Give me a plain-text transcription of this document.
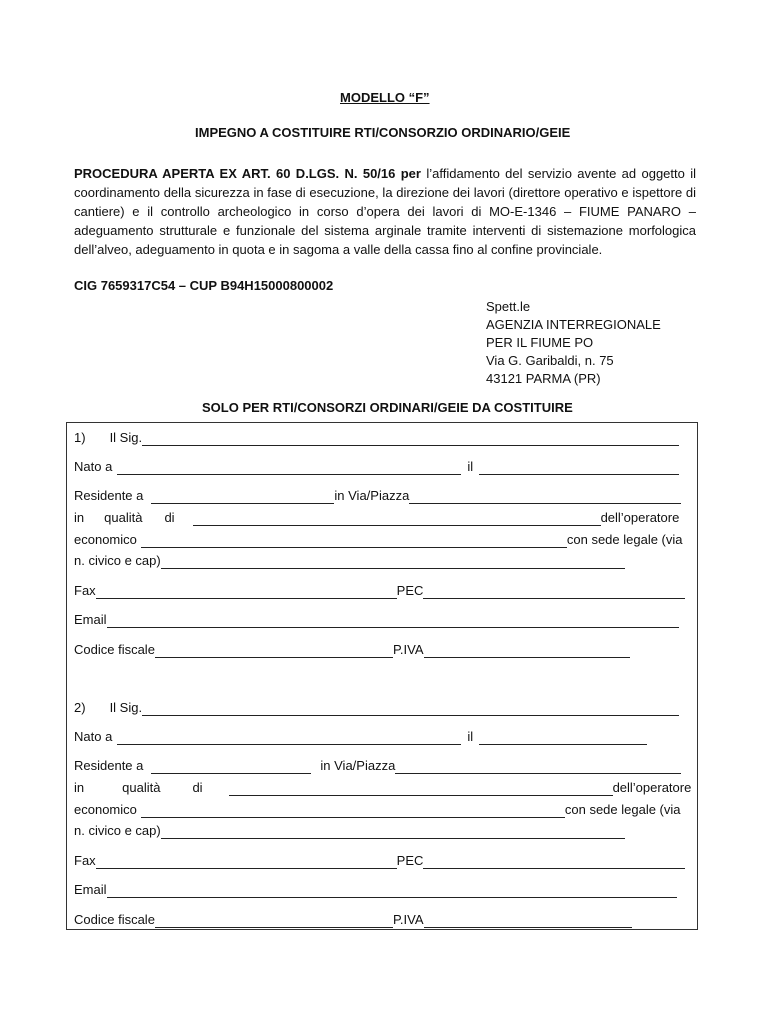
MODELLO “F”
IMPEGNO A COSTITUIRE RTI/CONSORZIO ORDINARIO/GEIE
PROCEDURA APERTA EX ART. 60 D.LGS. N. 50/16 per l’affidamento del servizio avente ad oggetto il coordinamento della sicurezza in fase di esecuzione, la direzione dei lavori (direttore operativo e ispettore di cantiere) e il controllo archeologico in corso d’opera dei lavori di MO-E-1346 – FIUME PANARO – adeguamento strutturale e funzionale del sistema arginale tramite interventi di sistemazione morfologica dell’alveo, adeguamento in quota e in sagoma a valle della cassa fino al confine provinciale.
CIG 7659317C54 – CUP B94H15000800002
Spett.le
AGENZIA INTERREGIONALE
PER IL FIUME PO
Via G. Garibaldi, n. 75
43121 PARMA (PR)
SOLO PER RTI/CONSORZI ORDINARI/GEIE DA COSTITUIRE
1) Il Sig.
Nato a	il
Residente a	in Via/Piazza
in qualità di	dell’operatore
economico	con sede legale (via
n. civico e cap)
Fax	PEC
Email
Codice fiscale	P.IVA
2) Il Sig.
Nato a	il
Residente a	in Via/Piazza
in	qualità di	dell’operatore
economico	con sede legale (via
n. civico e cap)
Fax	PEC
Email
Codice fiscale	P.IVA
